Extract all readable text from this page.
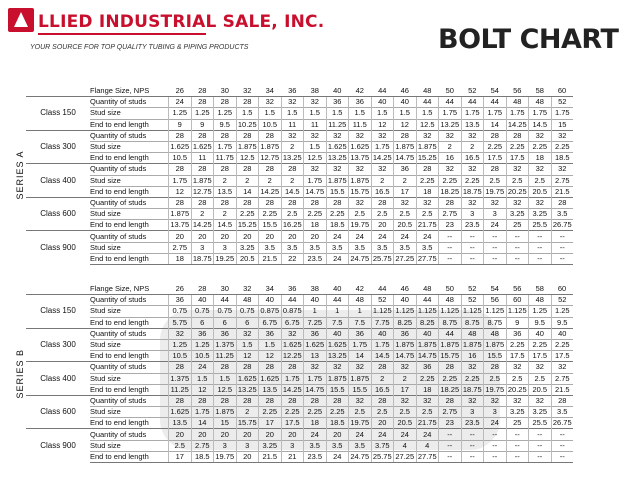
LLIED INDUSTRIAL SALE, INC.
YOUR SOURCE FOR TOP QUALITY TUBING & PIPING PRODUCTS	BOLT CHART
SERIES A		Flange Size, NPS	26	28	30	32	34	36	38	40	42	44	46	48	50	52	54	56	58	60
	Class 150	Quantity of studs	24	28	28	28	32	32	32	36	36	40	40	44	44	44	44	48	48	52
		Stud size	1.25	1.25	1.25	1.5	1.5	1.5	1.5	1.5	1.5	1.5	1.5	1.5	1.75	1.75	1.75	1.75	1.75	1.75
		End to end length	9	9	9.5	10.25	10.5	11	11	11.25	11.5	12	12	12.5	13.25	13.5	14	14.25	14.5	15
	Class 300	Quantity of studs	28	28	28	28	28	32	32	32	32	32	28	32	32	32	28	28	32	32
		Stud size	1.625	1.625	1.75	1.875	1.875	2	1.5	1.625	1.625	1.75	1.875	1.875	2	2	2.25	2.25	2.25	2.25
		End to end length	10.5	11	11.75	12.5	12.75	13.25	12.5	13.25	13.75	14.25	14.75	15.25	16	16.5	17.5	17.5	18	18.5
	Class 400	Quantity of studs	28	28	28	28	28	28	32	32	32	32	36	28	32	32	28	32	32	32
		Stud size	1.75	1.875	2	2	2	2	1.75	1.875	1.875	2	2	2.25	2.25	2.25	2.5	2.5	2.5	2.75
		End to end length	12	12.75	13.5	14	14.25	14.5	14.75	15.5	15.75	16.5	17	18	18.25	18.75	19.75	20.25	20.5	21.5
	Class 600	Quantity of studs	28	28	28	28	28	28	28	28	32	28	32	32	28	32	32	32	32	28
		Stud size	1.875	2	2	2.25	2.25	2.5	2.25	2.25	2.5	2.5	2.5	2.5	2.75	3	3	3.25	3.25	3.5
		End to end length	13.75	14.25	14.5	15.25	15.5	16.25	18	18.5	19.75	20	20.5	21.75	23	23.5	24	25	25.5	26.75
	Class 900	Quantity of studs	20	20	20	20	20	20	20	24	24	24	24	24	--	--	--	--	--	--
		Stud size	2.75	3	3	3.25	3.5	3.5	3.5	3.5	3.5	3.5	3.5	3.5	--	--	--	--	--	--
		End to end length	18	18.75	19.25	20.5	21.5	22	23.5	24	24.75	25.75	27.25	27.75	--	--	--	--	--	--
SERIES B		Flange Size, NPS	26	28	30	32	34	36	38	40	42	44	46	48	50	52	54	56	58	60
	Class 150	Quantity of studs	36	40	44	48	40	44	40	44	48	52	40	44	48	52	56	60	48	52
		Stud size	0.75	0.75	0.75	0.75	0.875	0.875	1	1	1	1.125	1.125	1.125	1.125	1.125	1.125	1.125	1.25	1.25
		End to end length	5.75	6	6	6	6.75	6.75	7.25	7.5	7.5	7.75	8.25	8.25	8.75	8.75	8.75	9	9.5	9.5
	Class 300	Quantity of studs	32	36	36	32	36	32	36	40	36	40	36	40	44	48	48	36	40	40
		Stud size	1.25	1.25	1.375	1.5	1.5	1.625	1.625	1.625	1.75	1.75	1.875	1.875	1.875	1.875	1.875	2.25	2.25	2.25
		End to end length	10.5	10.5	11.25	12	12	12.25	13	13.25	14	14.5	14.75	14.75	15.75	16	15.5	17.5	17.5	17.5
	Class 400	Quantity of studs	28	24	28	28	28	28	32	32	32	28	32	36	28	32	28	32	32	32
		Stud size	1.375	1.5	1.5	1.625	1.625	1.75	1.75	1.875	1.875	2	2	2.25	2.25	2.25	2.5	2.5	2.5	2.75
		End to end length	11.25	12	12.5	13.25	13.5	14.25	14.75	15.5	15.5	16.5	17	18	18.25	18.75	19.75	20.25	20.5	21.5
	Class 600	Quantity of studs	28	28	28	28	28	28	28	28	32	28	32	32	28	32	32	32	32	28
		Stud size	1.625	1.75	1.875	2	2.25	2.25	2.25	2.25	2.5	2.5	2.5	2.5	2.75	3	3	3.25	3.25	3.5
		End to end length	13.5	14	15	15.75	17	17.5	18	18.5	19.75	20	20.5	21.75	23	23.5	24	25	25.5	26.75
	Class 900	Quantity of studs	20	20	20	20	20	20	24	20	24	24	24	24	--	--	--	--	--	--
		Stud size	2.5	2.75	3	3	3.25	3	3.5	3.5	3.5	3.75	4	4	--	--	--	--	--	--
		End to end length	17	18.5	19.75	20	21.5	21	23.5	24	24.75	25.75	27.25	27.75	--	--	--	--	--	--
